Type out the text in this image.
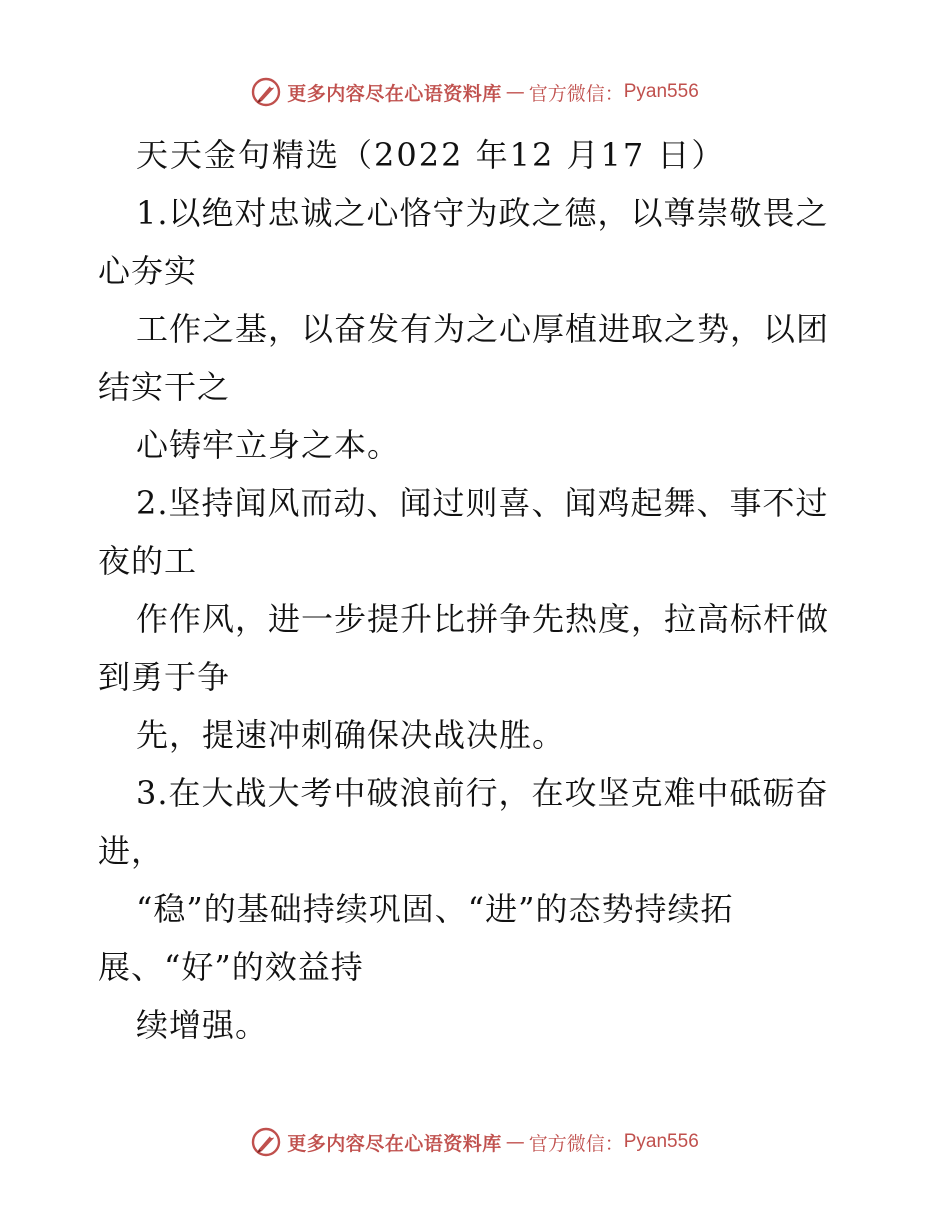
更多内容尽在心语资料库 — 官方微信： Pyan556
天天金句精选（2022 年12 月17 日）
1.以绝对忠诚之心恪守为政之德，以尊崇敬畏之
心夯实
工作之基，以奋发有为之心厚植进取之势，以团
结实干之
心铸牢立身之本。
2.坚持闻风而动、闻过则喜、闻鸡起舞、事不过
夜的工
作作风，进一步提升比拼争先热度，拉高标杆做
到勇于争
先，提速冲刺确保决战决胜。
3.在大战大考中破浪前行，在攻坚克难中砥砺奋
进，
“稳”的基础持续巩固、“进”的态势持续拓
展、“好”的效益持
续增强。
更多内容尽在心语资料库 — 官方微信： Pyan556
